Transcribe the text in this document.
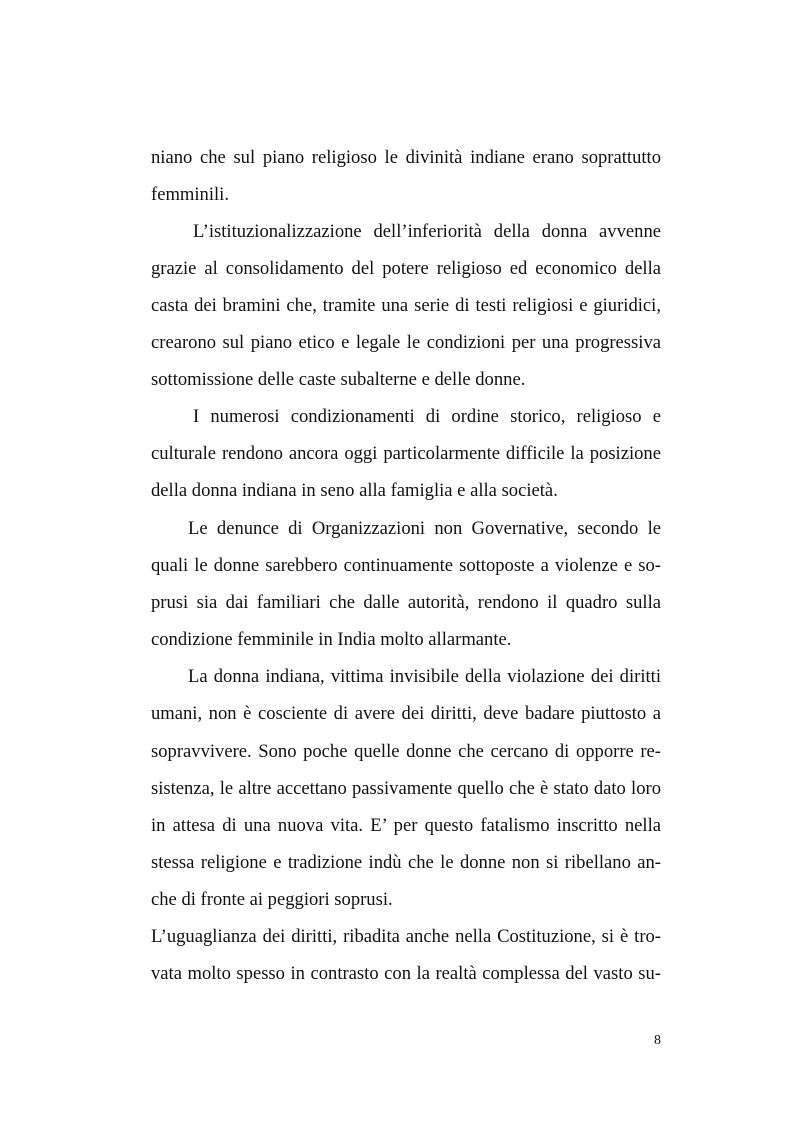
niano che sul piano religioso le divinità indiane erano soprattutto
femminili.
L’istituzionalizzazione dell’inferiorità della donna avvenne
grazie al consolidamento del potere religioso ed economico della
casta dei bramini che, tramite una serie di testi religiosi e giuridici,
crearono sul piano etico e legale le condizioni per una progressiva
sottomissione delle caste subalterne e delle donne.
I numerosi condizionamenti di ordine storico, religioso e
culturale rendono ancora oggi particolarmente difficile la posizione
della donna indiana in seno alla famiglia e alla società.
Le denunce di Organizzazioni non Governative, secondo le
quali le donne sarebbero continuamente sottoposte a violenze e so-
prusi sia dai familiari che dalle autorità, rendono il quadro sulla
condizione femminile in India molto allarmante.
La donna indiana, vittima invisibile della violazione dei diritti
umani, non è cosciente di avere dei diritti, deve badare piuttosto a
sopravvivere. Sono poche quelle donne che cercano di opporre re-
sistenza, le altre accettano passivamente quello che è stato dato loro
in attesa di una nuova vita. E’ per questo fatalismo inscritto nella
stessa religione e tradizione indù che le donne non si ribellano an-
che di fronte ai peggiori soprusi.
L’uguaglianza dei diritti, ribadita anche nella Costituzione, si è tro-
vata molto spesso in contrasto con la realtà complessa del vasto su-
8
